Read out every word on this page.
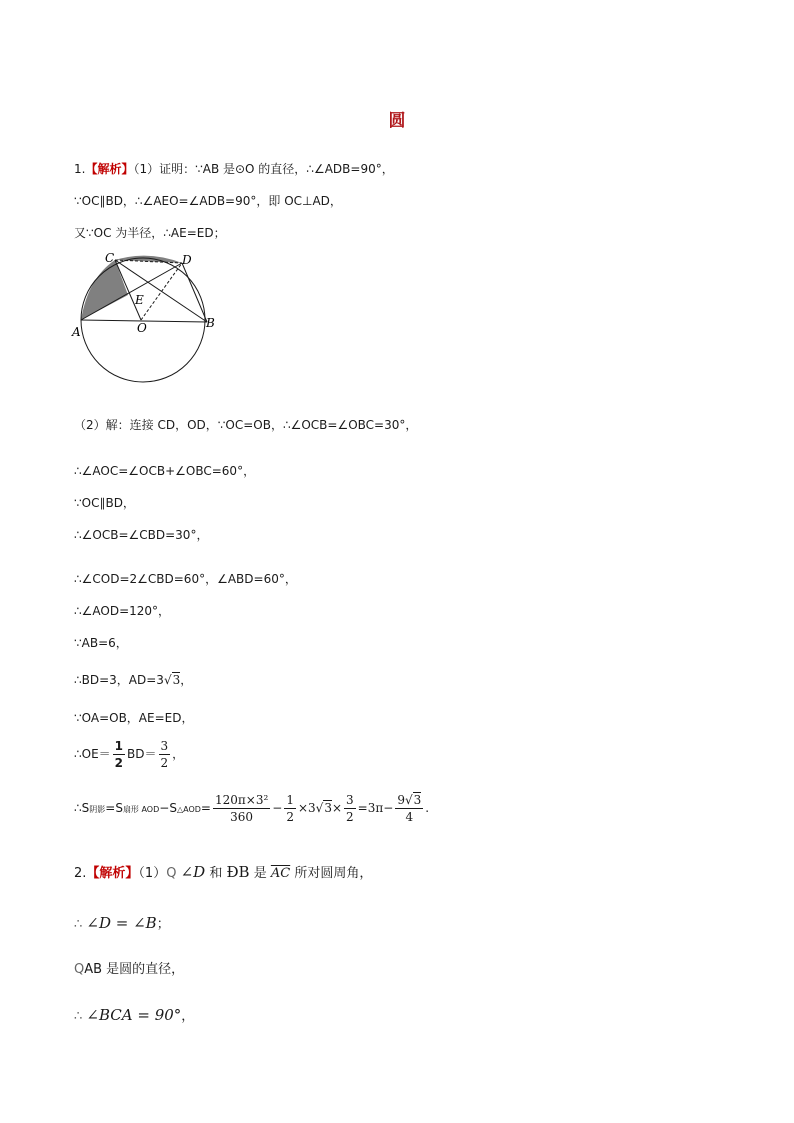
圆
1.【解析】（1）证明：∵AB 是⊙O 的直径，∴∠ADB=90°，
∵OC∥BD，∴∠AEO=∠ADB=90°，即 OC⊥AD，
又∵OC 为半径，∴AE=ED；
C	D
E
A	O	B
（2）解：连接 CD，OD，∵OC=OB，∴∠OCB=∠OBC=30°，
∴∠AOC=∠OCB+∠OBC=60°，
∵OC∥BD，
∴∠OCB=∠CBD=30°，
∴∠COD=2∠CBD=60°，∠ABD=60°，
∴∠AOD=120°，
∵AB=6，
∴BD=3，AD=3√3，
∵OA=OB，AE=ED，
∴OE＝ $\frac{1}{2} BD= \frac{3}{2}$ ，
∴S阴影=S扇形 AOD−S△AOD= $\frac{\text{120π×3²}}{360} - \frac{1}{2} \times 3√3\times \frac{3}{2} =3\pi- \frac{9√3}{4}$ .
2.【解析】（1）Q ∠D 和 ÐB 是 $\overline{AC}$ 所对圆周角，
∴ ∠D = ∠B；
QAB 是圆的直径，
∴ ∠BCA = 90°，
